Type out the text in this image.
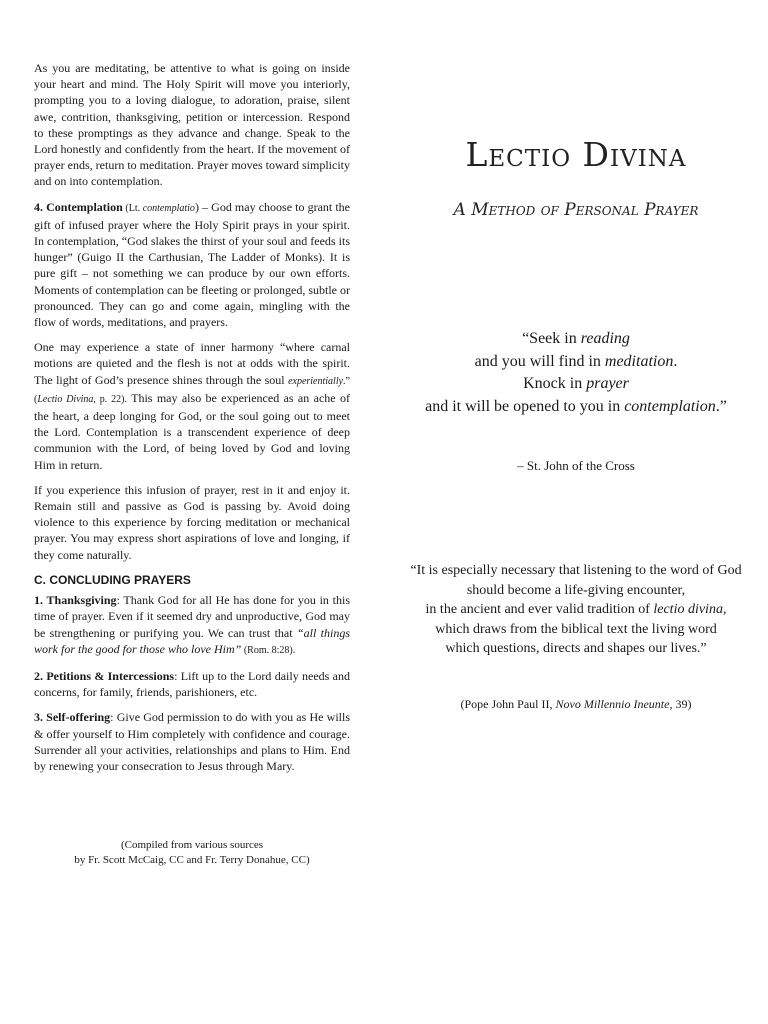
As you are meditating, be attentive to what is going on inside your heart and mind. The Holy Spirit will move you interiorly, prompting you to a loving dialogue, to adoration, praise, silent awe, contrition, thanksgiving, petition or intercession. Respond to these promptings as they advance and change. Speak to the Lord honestly and confidently from the heart. If the movement of prayer ends, return to meditation. Prayer moves toward simplicity and on into contemplation.

4. Contemplation (Lt. contemplatio) – God may choose to grant the gift of infused prayer where the Holy Spirit prays in your spirit. In contemplation, “God slakes the thirst of your soul and feeds its hunger” (Guigo II the Carthusian, The Ladder of Monks). It is pure gift – not something we can produce by our own efforts. Moments of contemplation can be fleeting or prolonged, subtle or pronounced. They can go and come again, mingling with the flow of words, meditations, and prayers.

One may experience a state of inner harmony “where carnal motions are quieted and the flesh is not at odds with the spirit. The light of God’s presence shines through the soul experientially.” (Lectio Divina, p. 22). This may also be experienced as an ache of the heart, a deep longing for God, or the soul going out to meet the Lord. Contemplation is a transcendent experience of deep communion with the Lord, of being loved by God and loving Him in return.

If you experience this infusion of prayer, rest in it and enjoy it. Remain still and passive as God is passing by. Avoid doing violence to this experience by forcing meditation or mechanical prayer. You may express short aspirations of love and longing, if they come naturally.

C. CONCLUDING PRAYERS

1. Thanksgiving: Thank God for all He has done for you in this time of prayer. Even if it seemed dry and unproductive, God may be strengthening or purifying you. We can trust that “all things work for the good for those who love Him” (Rom. 8:28).

2. Petitions & Intercessions: Lift up to the Lord daily needs and concerns, for family, friends, parishioners, etc.

3. Self-offering: Give God permission to do with you as He wills & offer yourself to Him completely with confidence and courage. Surrender all your activities, relationships and plans to Him. End by renewing your consecration to Jesus through Mary.

(Compiled from various sources
by Fr. Scott McCaig, CC and Fr. Terry Donahue, CC)
Lectio Divina
A Method of Personal Prayer
“Seek in reading
and you will find in meditation.
Knock in prayer
and it will be opened to you in contemplation.”
– St. John of the Cross
“It is especially necessary that listening to the word of God
should become a life-giving encounter,
in the ancient and ever valid tradition of lectio divina,
which draws from the biblical text the living word
which questions, directs and shapes our lives.”
(Pope John Paul II, Novo Millennio Ineunte, 39)
